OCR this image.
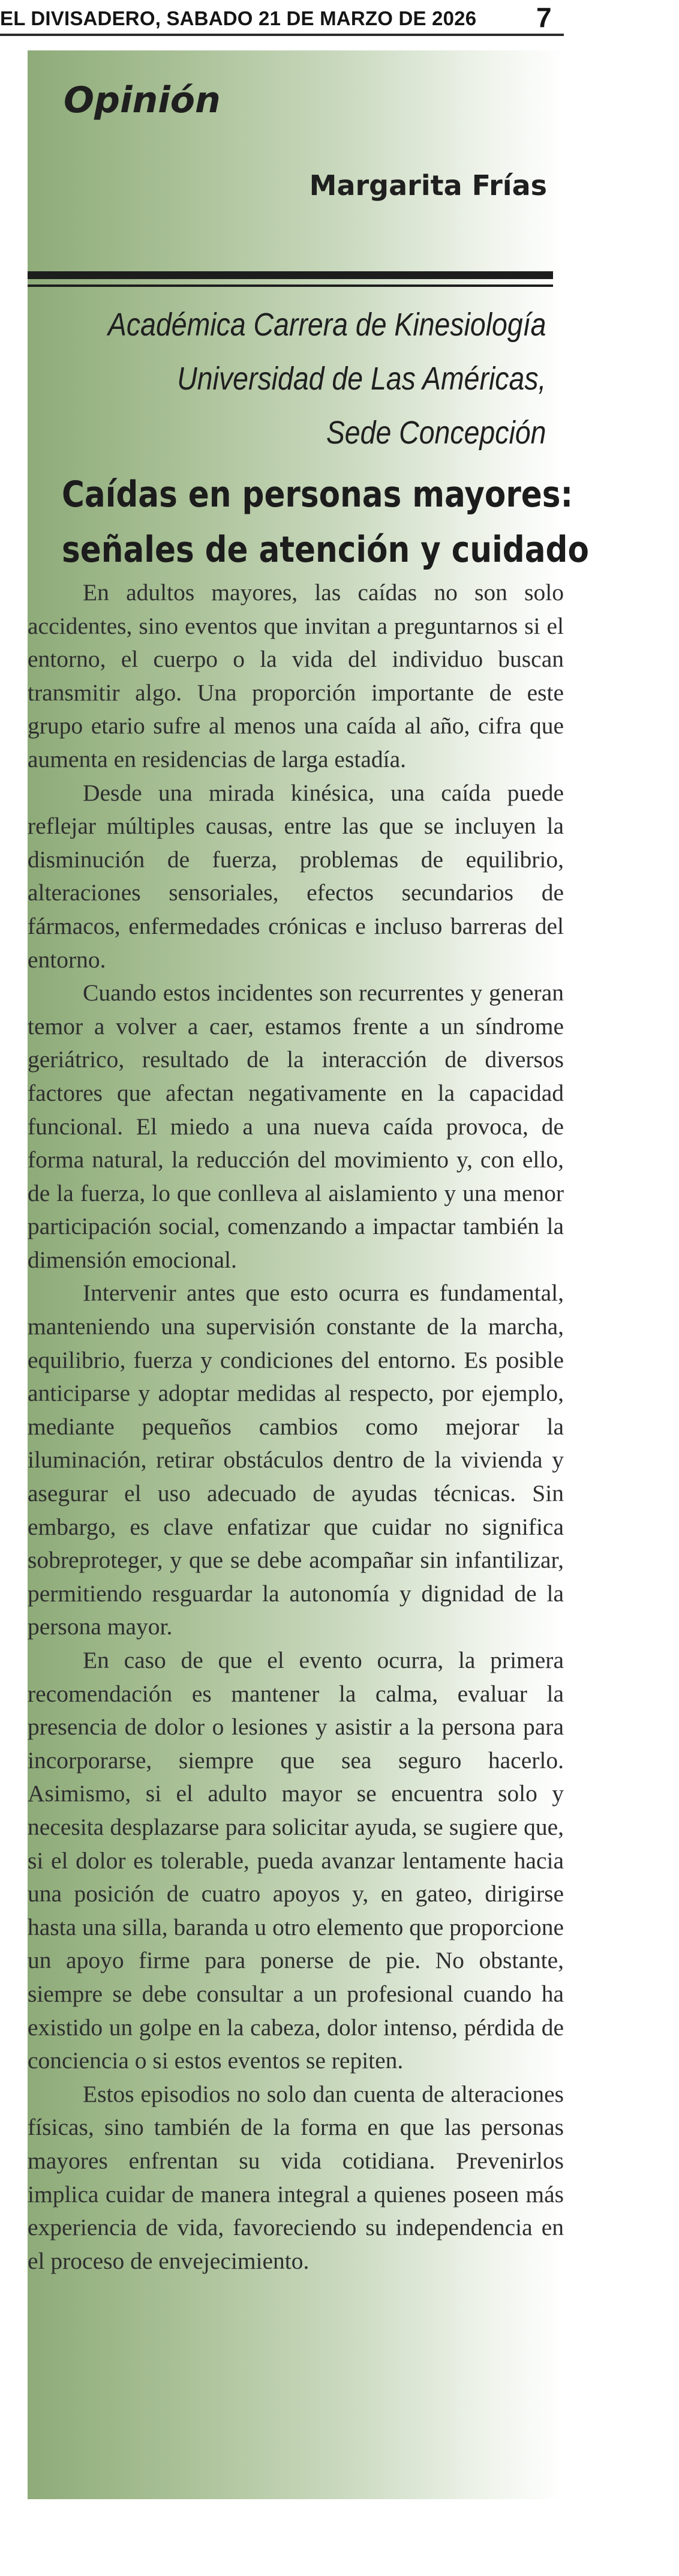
EL DIVISADERO, SABADO 21 DE MARZO DE 2026 7
Opinión
Margarita Frías
Académica Carrera de Kinesiología
Universidad de Las Américas,
Sede Concepción
Caídas en personas mayores:
señales de atención y cuidado

En adultos mayores, las caídas no son solo accidentes, sino eventos que invitan a preguntarnos si el entorno, el cuerpo o la vida del individuo buscan transmitir algo. Una proporción importante de este grupo etario sufre al menos una caída al año, cifra que aumenta en residencias de larga estadía.

Desde una mirada kinésica, una caída puede reflejar múltiples causas, entre las que se incluyen la disminución de fuerza, problemas de equilibrio, alteraciones sensoriales, efectos secundarios de fármacos, enfermedades crónicas e incluso barreras del entorno.

Cuando estos incidentes son recurrentes y generan temor a volver a caer, estamos frente a un síndrome geriátrico, resultado de la interacción de diversos factores que afectan negativamente en la capacidad funcional. El miedo a una nueva caída provoca, de forma natural, la reducción del movimiento y, con ello, de la fuerza, lo que conlleva al aislamiento y una menor participación social, comenzando a impactar también la dimensión emocional.

Intervenir antes que esto ocurra es fundamental, manteniendo una supervisión constante de la marcha, equilibrio, fuerza y condiciones del entorno. Es posible anticiparse y adoptar medidas al respecto, por ejemplo, mediante pequeños cambios como mejorar la iluminación, retirar obstáculos dentro de la vivienda y asegurar el uso adecuado de ayudas técnicas. Sin embargo, es clave enfatizar que cuidar no significa sobreproteger, y que se debe acompañar sin infantilizar, permitiendo resguardar la autonomía y dignidad de la persona mayor.

En caso de que el evento ocurra, la primera recomendación es mantener la calma, evaluar la presencia de dolor o lesiones y asistir a la persona para incorporarse, siempre que sea seguro hacerlo. Asimismo, si el adulto mayor se encuentra solo y necesita desplazarse para solicitar ayuda, se sugiere que, si el dolor es tolerable, pueda avanzar lentamente hacia una posición de cuatro apoyos y, en gateo, dirigirse hasta una silla, baranda u otro elemento que proporcione un apoyo firme para ponerse de pie. No obstante, siempre se debe consultar a un profesional cuando ha existido un golpe en la cabeza, dolor intenso, pérdida de conciencia o si estos eventos se repiten.

Estos episodios no solo dan cuenta de alteraciones físicas, sino también de la forma en que las personas mayores enfrentan su vida cotidiana. Prevenirlos implica cuidar de manera integral a quienes poseen más experiencia de vida, favoreciendo su independencia en el proceso de envejecimiento.
